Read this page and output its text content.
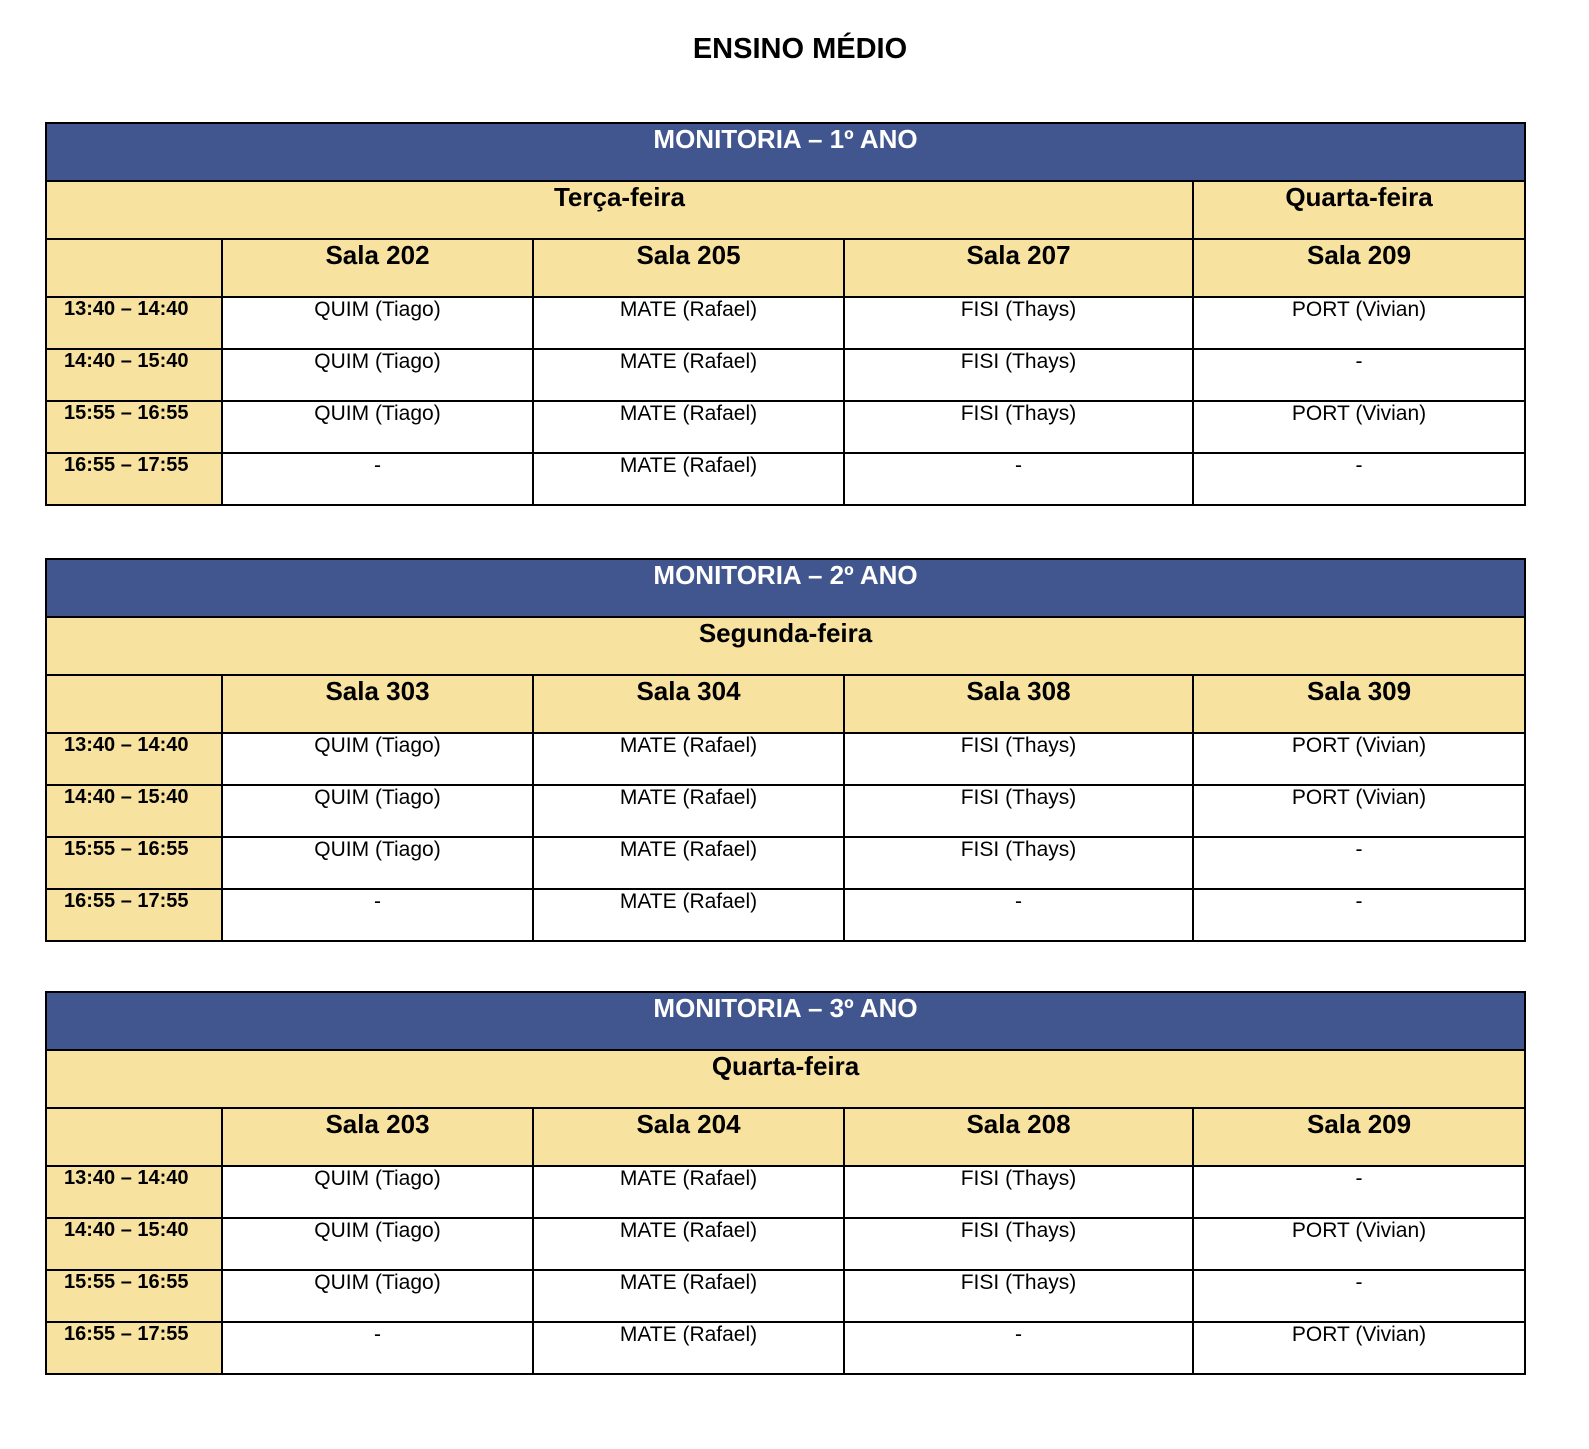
ENSINO MÉDIO
MONITORIA – 1º ANO				
Terça-feira				Quarta-feira
	Sala 202	Sala 205	Sala 207	Sala 209
13:40 – 14:40	QUIM (Tiago)	MATE (Rafael)	FISI (Thays)	PORT (Vivian)
14:40 – 15:40	QUIM (Tiago)	MATE (Rafael)	FISI (Thays)	-
15:55 – 16:55	QUIM (Tiago)	MATE (Rafael)	FISI (Thays)	PORT (Vivian)
16:55 – 17:55	-	MATE (Rafael)	-	-
MONITORIA – 2º ANO				
Segunda-feira				
	Sala 303	Sala 304	Sala 308	Sala 309
13:40 – 14:40	QUIM (Tiago)	MATE (Rafael)	FISI (Thays)	PORT (Vivian)
14:40 – 15:40	QUIM (Tiago)	MATE (Rafael)	FISI (Thays)	PORT (Vivian)
15:55 – 16:55	QUIM (Tiago)	MATE (Rafael)	FISI (Thays)	-
16:55 – 17:55	-	MATE (Rafael)	-	-
MONITORIA – 3º ANO				
Quarta-feira				
	Sala 203	Sala 204	Sala 208	Sala 209
13:40 – 14:40	QUIM (Tiago)	MATE (Rafael)	FISI (Thays)	-
14:40 – 15:40	QUIM (Tiago)	MATE (Rafael)	FISI (Thays)	PORT (Vivian)
15:55 – 16:55	QUIM (Tiago)	MATE (Rafael)	FISI (Thays)	-
16:55 – 17:55	-	MATE (Rafael)	-	PORT (Vivian)
